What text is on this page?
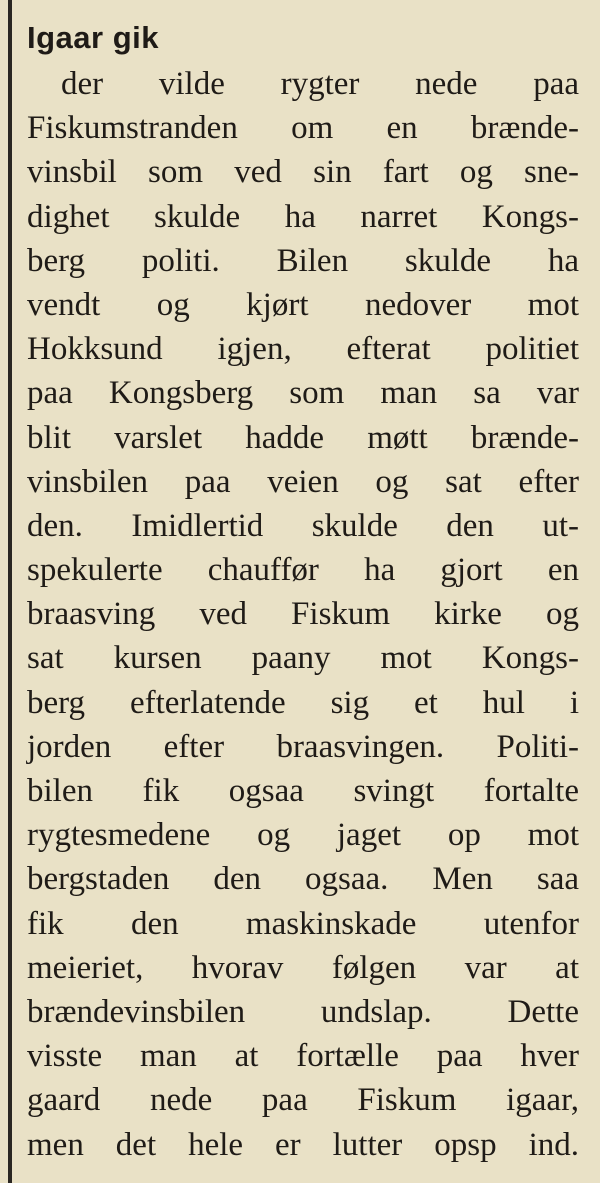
Igaar gik
der vilde rygter nede paa
Fiskumstranden om en brænde-
vinsbil som ved sin fart og sne-
dighet skulde ha narret Kongs-
berg politi. Bilen skulde ha
vendt og kjørt nedover mot
Hokksund igjen, efterat politiet
paa Kongsberg som man sa var
blit varslet hadde møtt brænde-
vinsbilen paa veien og sat efter
den. Imidlertid skulde den ut-
spekulerte chauffør ha gjort en
braasving ved Fiskum kirke og
sat kursen paany mot Kongs-
berg efterlatende sig et hul i
jorden efter braasvingen. Politi-
bilen fik ogsaa svingt fortalte
rygtesmedene og jaget op mot
bergstaden den ogsaa. Men saa
fik den maskinskade utenfor
meieriet, hvorav følgen var at
brændevinsbilen undslap. Dette
visste man at fortælle paa hver
gaard nede paa Fiskum igaar,
men det hele er lutter opsp ind.
